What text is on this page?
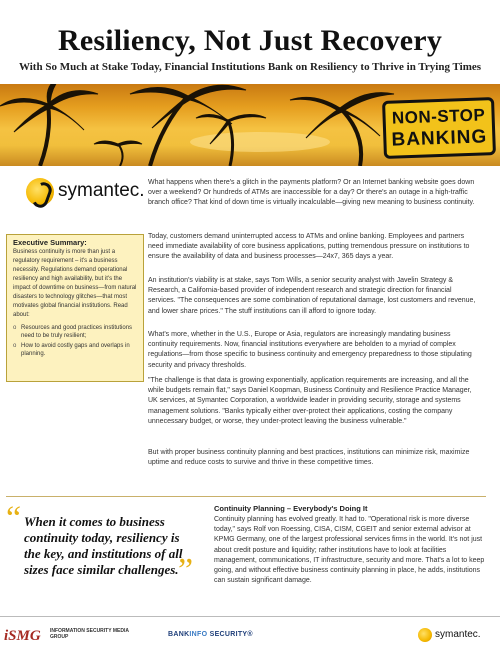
Resiliency, Not Just Recovery
With So Much at Stake Today, Financial Institutions Bank on Resiliency to Thrive in Trying Times
NON-STOP
BANKING
symantec.
Executive Summary:

Business continuity is more than just a regulatory requirement – it's a business necessity. Regulations demand operational resiliency and high availability, but it's the impact of downtime on business—from natural disasters to technology glitches—that most motivates global financial institutions. Read about:

o Resources and good practices institutions need to be truly resilient;
o How to avoid costly gaps and overlaps in planning.
What happens when there's a glitch in the payments platform? Or an Internet banking website goes down over a weekend? Or hundreds of ATMs are inaccessible for a day? Or there's an outage in a high-traffic branch office? That kind of down time is virtually incalculable—giving new meaning to business continuity.
Today, customers demand uninterrupted access to ATMs and online banking. Employees and partners need immediate availability of core business applications, putting tremendous pressure on institutions to ensure the availability of data and business processes—24x7, 365 days a year.
An institution's viability is at stake, says Tom Wills, a senior security analyst with Javelin Strategy & Research, a California-based provider of independent research and strategic direction for financial services. "The consequences are some combination of reputational damage, lost customers and revenue, and lower share prices." The stuff institutions can ill afford to ignore today.
What's more, whether in the U.S., Europe or Asia, regulators are increasingly mandating business continuity requirements. Now, financial institutions everywhere are beholden to a myriad of complex regulations—from those specific to business continuity and emergency preparedness to those stipulating security and privacy thresholds.
"The challenge is that data is growing exponentially, application requirements are increasing, and all the while budgets remain flat," says Daniel Koopman, Business Continuity and Resilience Practice Manager, UK services, at Symantec Corporation, a worldwide leader in providing security, storage and systems management solutions. "Banks typically either over-protect their applications, costing the company unnecessary budget, or worse, they under-protect leaving the business vulnerable."
But with proper business continuity planning and best practices, institutions can minimize risk, maximize uptime and reduce costs to survive and thrive in these competitive times.
“ When it comes to business continuity today, resiliency is the key, and institutions of all sizes face similar challenges. ”
Continuity Planning – Everybody's Doing It
Continuity planning has evolved greatly. It had to. "Operational risk is more diverse today," says Rolf von Roessing, CISA, CISM, CGEIT and senior external advisor at KPMG Germany, one of the largest professional services firms in the world. It's not just about credit posture and liquidity; rather institutions have to look at facilities management, communications, IT infrastructure, security and more. That's a lot to keep going, and without effective business continuity planning in place, he adds, institutions can sustain significant damage.
iSMG INFORMATION SECURITY MEDIA GROUP	BANKINFO SECURITY®	symantec.
